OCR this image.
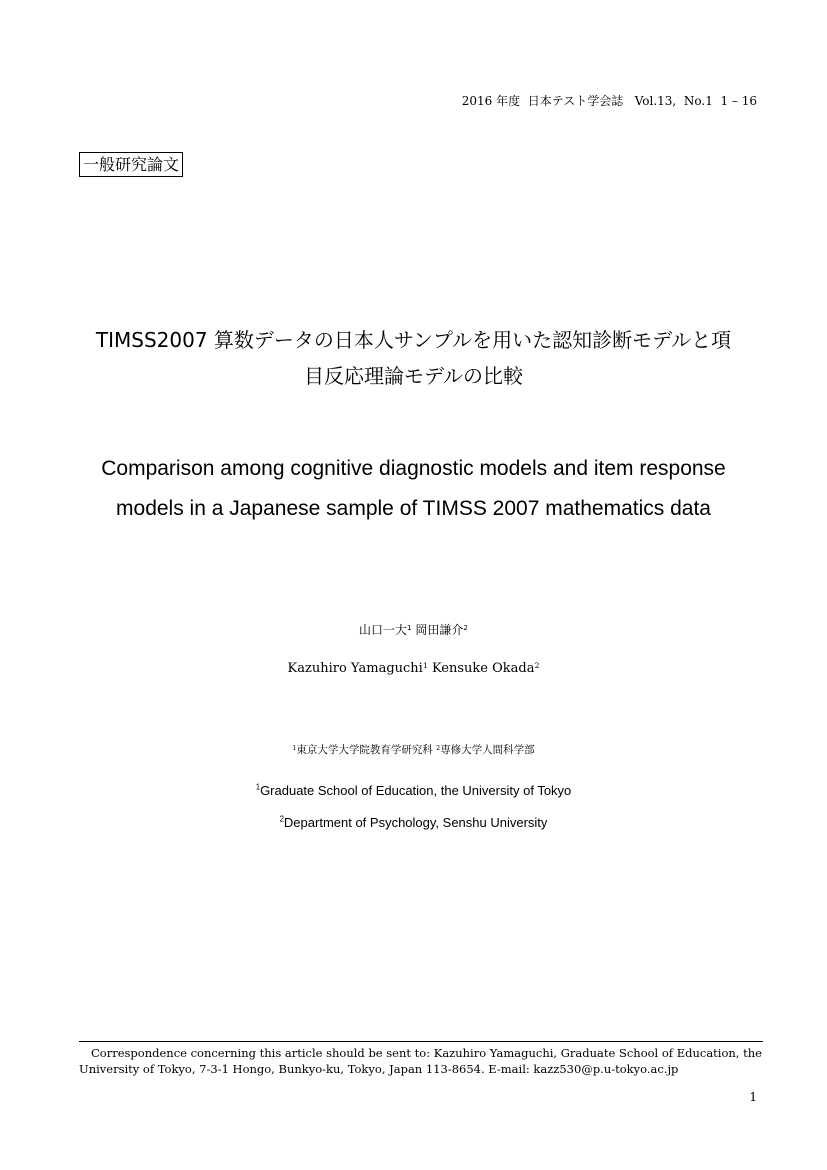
2016 年度  日本テスト学会誌   Vol.13,  No.1  1 – 16
一般研究論文
TIMSS2007 算数データの日本人サンプルを用いた認知診断モデルと項
目反応理論モデルの比較
Comparison among cognitive diagnostic models and item response
models in a Japanese sample of TIMSS 2007 mathematics data
山口一大$^1$ 岡田謙介$^2$
Kazuhiro Yamaguchi$^1$ Kensuke Okada$^2$
$^1$東京大学大学院教育学研究科 $^2$専修大学人間科学部
$^1$Graduate School of Education, the University of Tokyo
$^2$Department of Psychology, Senshu University
Correspondence concerning this article should be sent to: Kazuhiro Yamaguchi, Graduate School of Education, the University of Tokyo, 7-3-1 Hongo, Bunkyo-ku, Tokyo, Japan 113-8654. E-mail: kazz530@p.u-tokyo.ac.jp
1
